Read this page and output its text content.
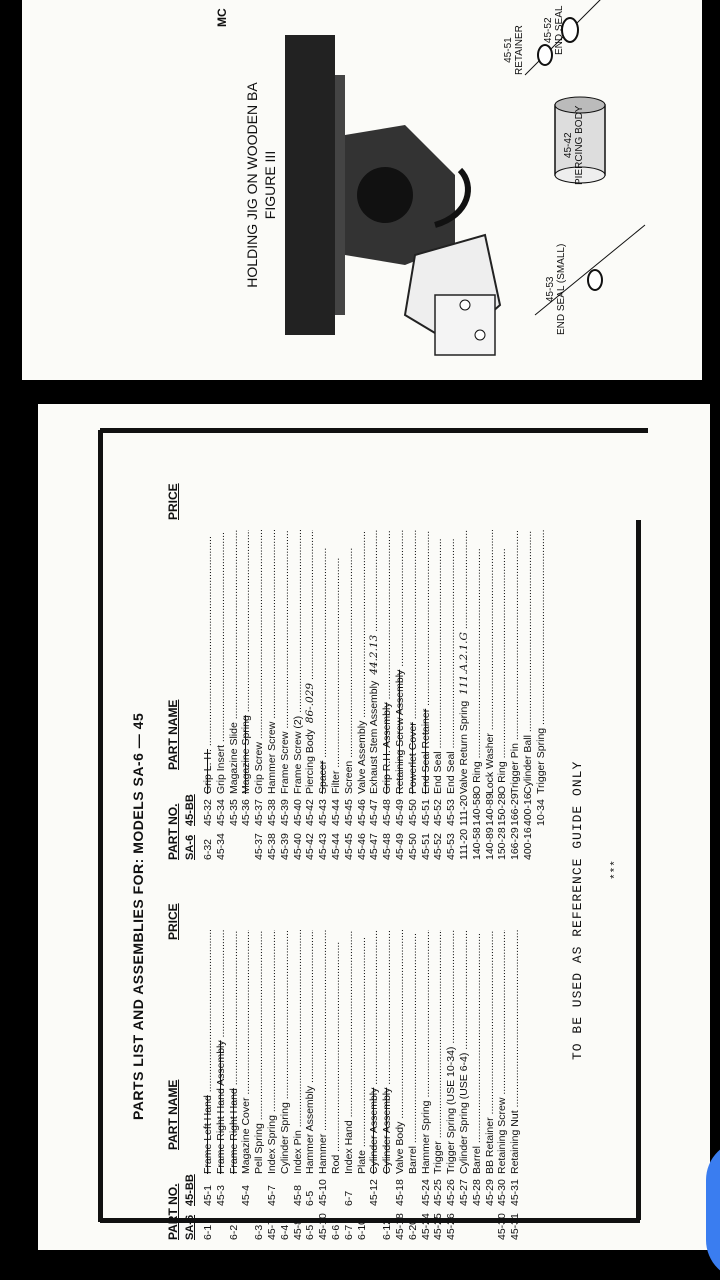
HOLDING JIG ON WOODEN BA FIGURE III
MC
45-51 RETAINER 45-52 END SEAL
45-42 PIERCING BODY
45-53 END SEAL (SMALL)
PARTS LIST AND ASSEMBLIES FOR: MODELS SA-6 — 45
PART NO.
PART NAME
PRICE
SA-6
45-BB
PART NO.
PART NAME
PRICE
SA-6
45-BB
6-1
45-1
Frame Left Hand .....
45-3
Frame Right Hand Assembly .....
6-2
Frame Right Hand .....
45-4
Magazine Cover .....
6-3
Pell Spring .....
45-7
45-7
Index Spring .....
6-4
Cylinder Spring .....
45-8
45-8
Index Pin .....
6-5
6-5
Hammer Assembly .....
45-10
45-10
Hammer .....
6-6
Rod .....
6-7
6-7
Index Hand .....
6-10
Plate .....
45-12
Cylinder Assembly .....
6-12
Cylinder Assembly .....
45-18
45-18
Valve Body .....
6-20
Barrel .....
45-24
45-24
Hammer Spring .....
45-25
45-25
Trigger .....
45-26
45-26
Trigger Spring (USE 10-34) .....
45-27
Cylinder Spring (USE 6-4) .....
45-28
Barrel .....
45-29
BB Retainer .....
45-30
45-30
Retaining Screw .....
45-31
45-31
Retaining Nut .....
6-32
45-32
Grip L. H. .....
45-34
45-34
Grip Insert .....
45-35
Magazine Slide .....
45-36
Magazine Spring .....
45-37
45-37
Grip Screw .....
45-38
45-38
Hammer Screw .....
45-39
45-39
Frame Screw .....
45-40
45-40
Frame Screw (2) .....
45-42
45-42
Piercing Body86-.029 .....
45-43
45-43
Spacer .....
45-44
45-44
Filter .....
45-45
45-45
Screen .....
45-46
45-46
Valve Assembly .....
45-47
45-47
Exhaust Stem Assembly44.2.13 .....
45-48
45-48
Grip R.H. Assembly .....
45-49
45-49
Retaining Screw Assembly .....
45-50
45-50
Powerlet Cover .....
45-51
45-51
End Seal Retainer .....
45-52
45-52
End Seal .....
45-53
45-53
End Seal .....
111-20
111-20
Valve Return Spring111.A.2.1.G .....
140-58
140-58
O Ring .....
140-89
140-89
Lock Washer .....
150-28
150-28
O Ring .....
166-29
166-29
Trigger Pin .....
400-16
400-16
Cylinder Ball .....
10-34
Trigger Spring ..... TO BE USED AS REFERENCE GUIDE ONLY ***
